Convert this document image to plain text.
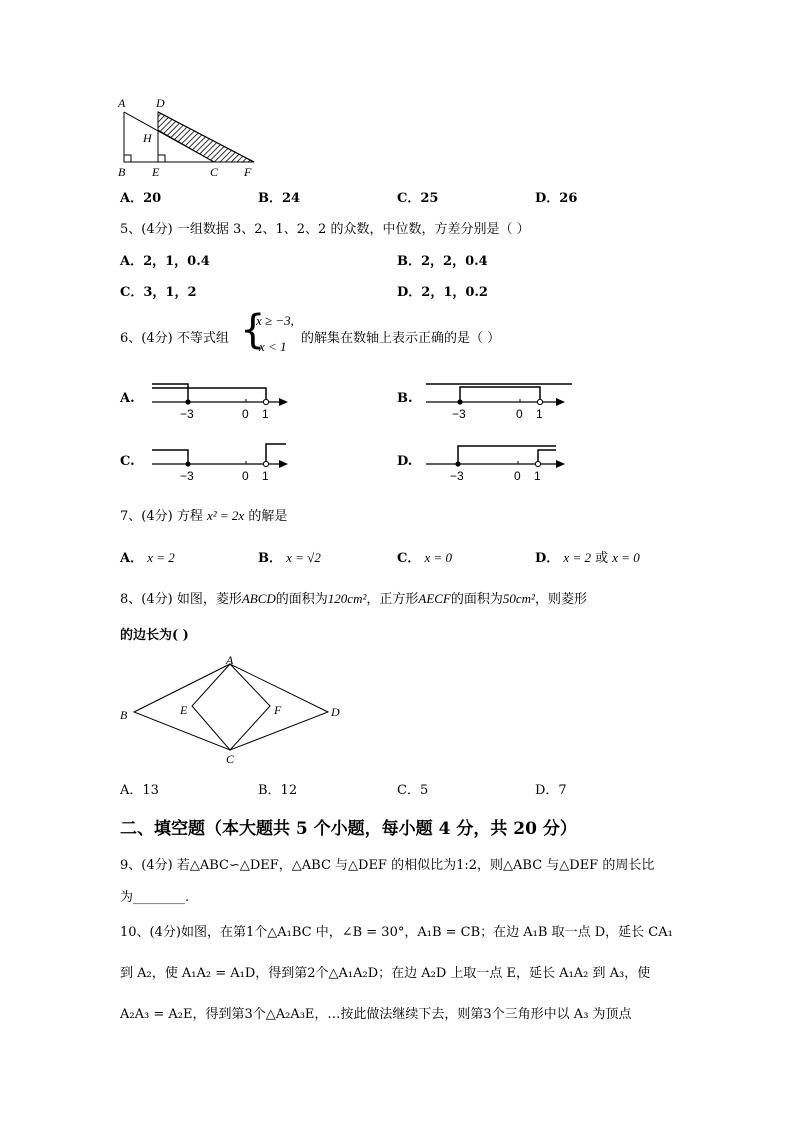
A	D
H
B E	C F
A．20	B．24	C．25	D．26
5、(4分) 一组数据 3、2、1、2、2 的众数，中位数，方差分别是（ ）
A．2，1，0.4	B．2，2，0.4
C．3，1，2	D．2，1，0.2
6、(4分) 不等式组 {
x ≥ −3,
x < 1
的解集在数轴上表示正确的是（ ）
A.	B.
C.	D.
−3	0 1	−3	0 1
−3	0 1	−3	0 1
7、(4分) 方程 x² = 2x 的解是
A． x = 2	B． x = √2	C． x = 0	D． x = 2 或 x = 0
8、(4分) 如图，菱形ABCD的面积为120cm²，正方形AECF的面积为50cm²，则菱形
的边长为( )
A
B
C
D
E	F
A．13	B．12	C．5	D．7
二、填空题（本大题共 5 个小题，每小题 4 分，共 20 分）
9、(4分) 若△ABC∽△DEF，△ABC 与△DEF 的相似比为1:2，则△ABC 与△DEF 的周长比
为________.
10、(4分)如图，在第1个△A₁BC 中，∠B = 30°，A₁B = CB；在边 A₁B 取一点 D，延长 CA₁
到 A₂，使 A₁A₂ = A₁D，得到第2个△A₁A₂D；在边 A₂D 上取一点 E，延长 A₁A₂ 到 A₃，使
A₂A₃ = A₂E，得到第3个△A₂A₃E，…按此做法继续下去，则第3个三角形中以 A₃ 为顶点
